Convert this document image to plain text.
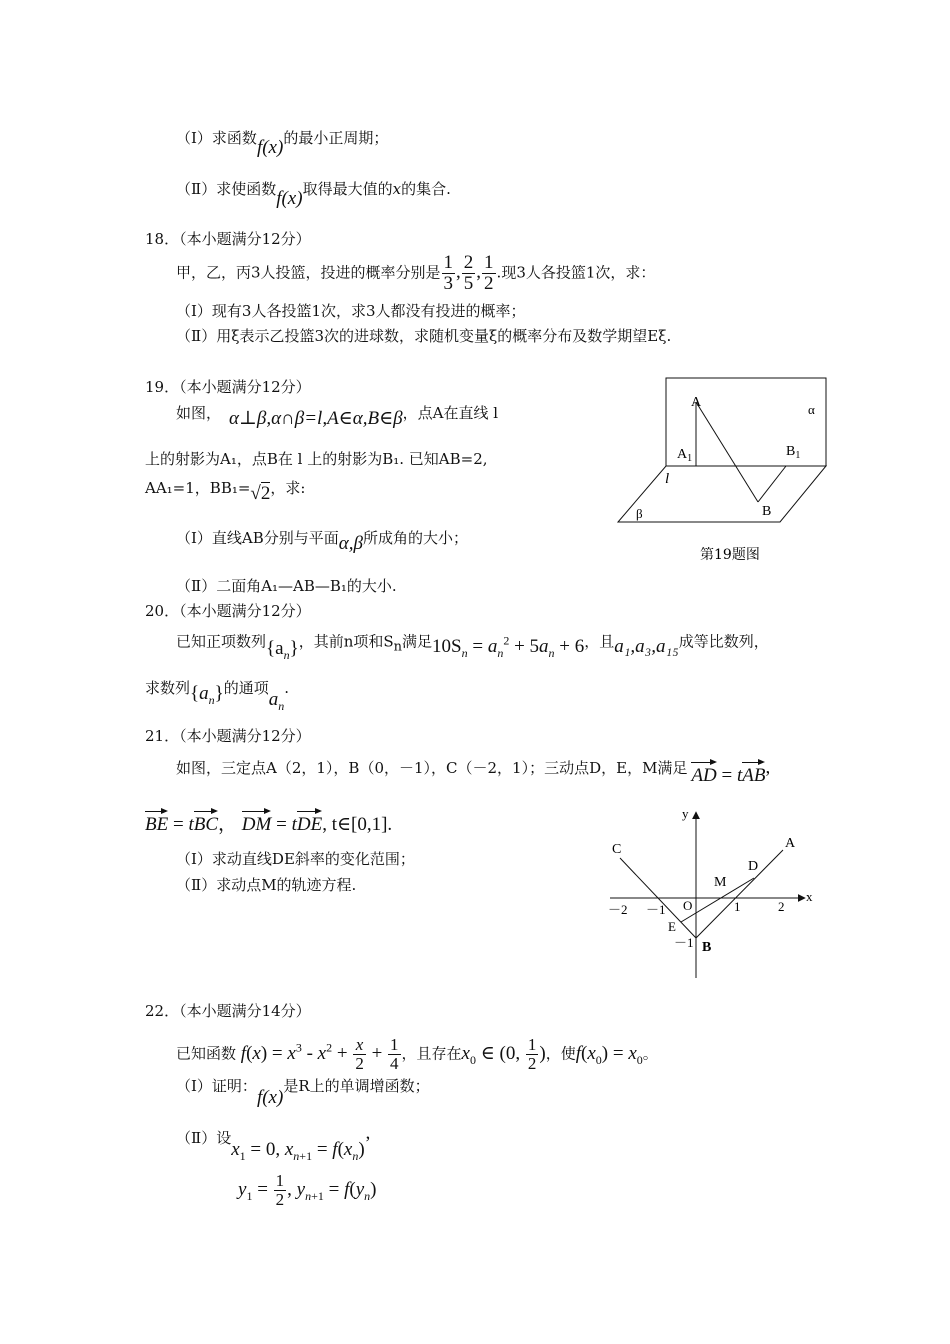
（Ⅰ）求函数f(x)的最小正周期；
（Ⅱ）求使函数f(x)取得最大值的x的集合.
18．（本小题满分12分）
甲，乙，丙3人投篮，投进的概率分别是 $\frac{1}{3}$ , $\frac{2}{5}$ , $\frac{1}{2}$ .现3人各投篮1次，求：
（Ⅰ）现有3人各投篮1次，求3人都没有投进的概率；
（Ⅱ）用ξ表示乙投篮3次的进球数，求随机变量ξ的概率分布及数学期望Eξ.
19．（本小题满分12分）
如图， α⊥β,α∩β=l,A∈α,B∈β，点A在直线 l
上的射影为A₁，点B在 l 上的射影为B₁. 已知AB=2,
AA₁=1，BB₁=√2，求:
（Ⅰ）直线AB分别与平面α,β所成角的大小；
（Ⅱ）二面角A₁—AB—B₁的大小.
A
$A_1$	$B_1$
B
l
α
β
第19题图
20．（本小题满分12分）
已知正项数列$\{a_n\}$，其前n项和$S_n$满足$10S_n = a_n^2 + 5a_n + 6$，且a₁,a₃,a₁₅成等比数列，
求数列$\{a_n\}$的通项$a_n$.
21．（本小题满分12分）
如图，三定点A（2，1），B（0，－1），C（－2，1）；三动点D，E，M满足 AD = tAB,
BE = tBC， DM = tDE, t∈[0,1].
（Ⅰ）求动直线DE斜率的变化范围；
（Ⅱ）求动点M的轨迹方程.
C	A
D
M
O
E
B
y
x
－2 －1	1	2
－1
22．（本小题满分14分）
已知函数 $f(x) = x^3 - x^2 + \frac{x}{2} + \frac{1}{4}$ ，且存在$x_0$ ∈ (0, $\frac{1}{2}$ )，使$f(x_0) = x_0$。
（Ⅰ）证明：f(x)是R上的单调增函数；
（Ⅱ）设$x_1 = 0$, $x_{n+1} = f(x_n)$’
$y_1 = \frac{1}{2}$ , $y_{n+1} = f(y_n)$
